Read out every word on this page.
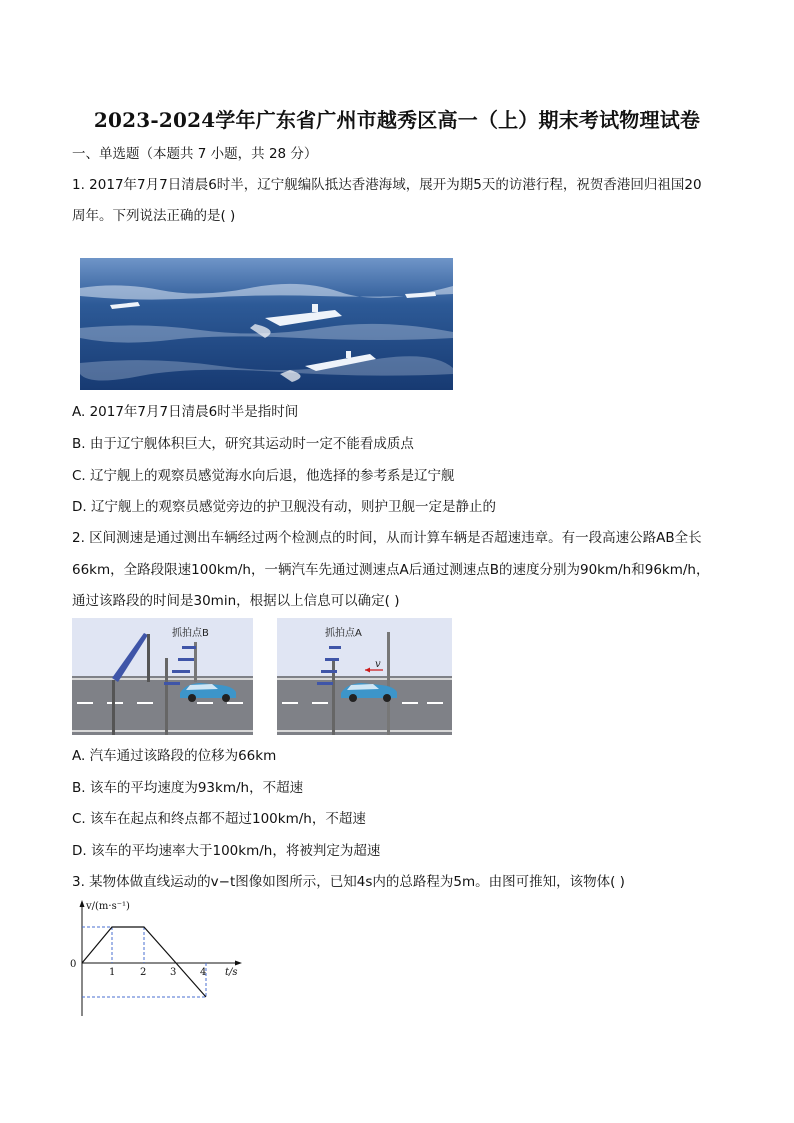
2023-2024学年广东省广州市越秀区高一（上）期末考试物理试卷
一、单选题（本题共 7 小题，共 28 分）
1. 2017年7月7日清晨6时半，辽宁舰编队抵达香港海域，展开为期5天的访港行程，祝贺香港回归祖国20
周年。下列说法正确的是( )
A. 2017年7月7日清晨6时半是指时间
B. 由于辽宁舰体积巨大，研究其运动时一定不能看成质点
C. 辽宁舰上的观察员感觉海水向后退，他选择的参考系是辽宁舰
D. 辽宁舰上的观察员感觉旁边的护卫舰没有动，则护卫舰一定是静止的
2. 区间测速是通过测出车辆经过两个检测点的时间，从而计算车辆是否超速违章。有一段高速公路AB全长
66km，全路段限速100km/h，一辆汽车先通过测速点A后通过测速点B的速度分别为90km/h和96km/h，
通过该路段的时间是30min，根据以上信息可以确定( )
抓拍点B
v
抓拍点A
A. 汽车通过该路段的位移为66km
B. 该车的平均速度为93km/h，不超速
C. 该车在起点和终点都不超过100km/h，不超速
D. 该车的平均速率大于100km/h，将被判定为超速
3. 某物体做直线运动的v−t图像如图所示，已知4s内的总路程为5m。由图可推知，该物体( )
v/(m·s⁻¹)
0
1 2 3 4 t/s
